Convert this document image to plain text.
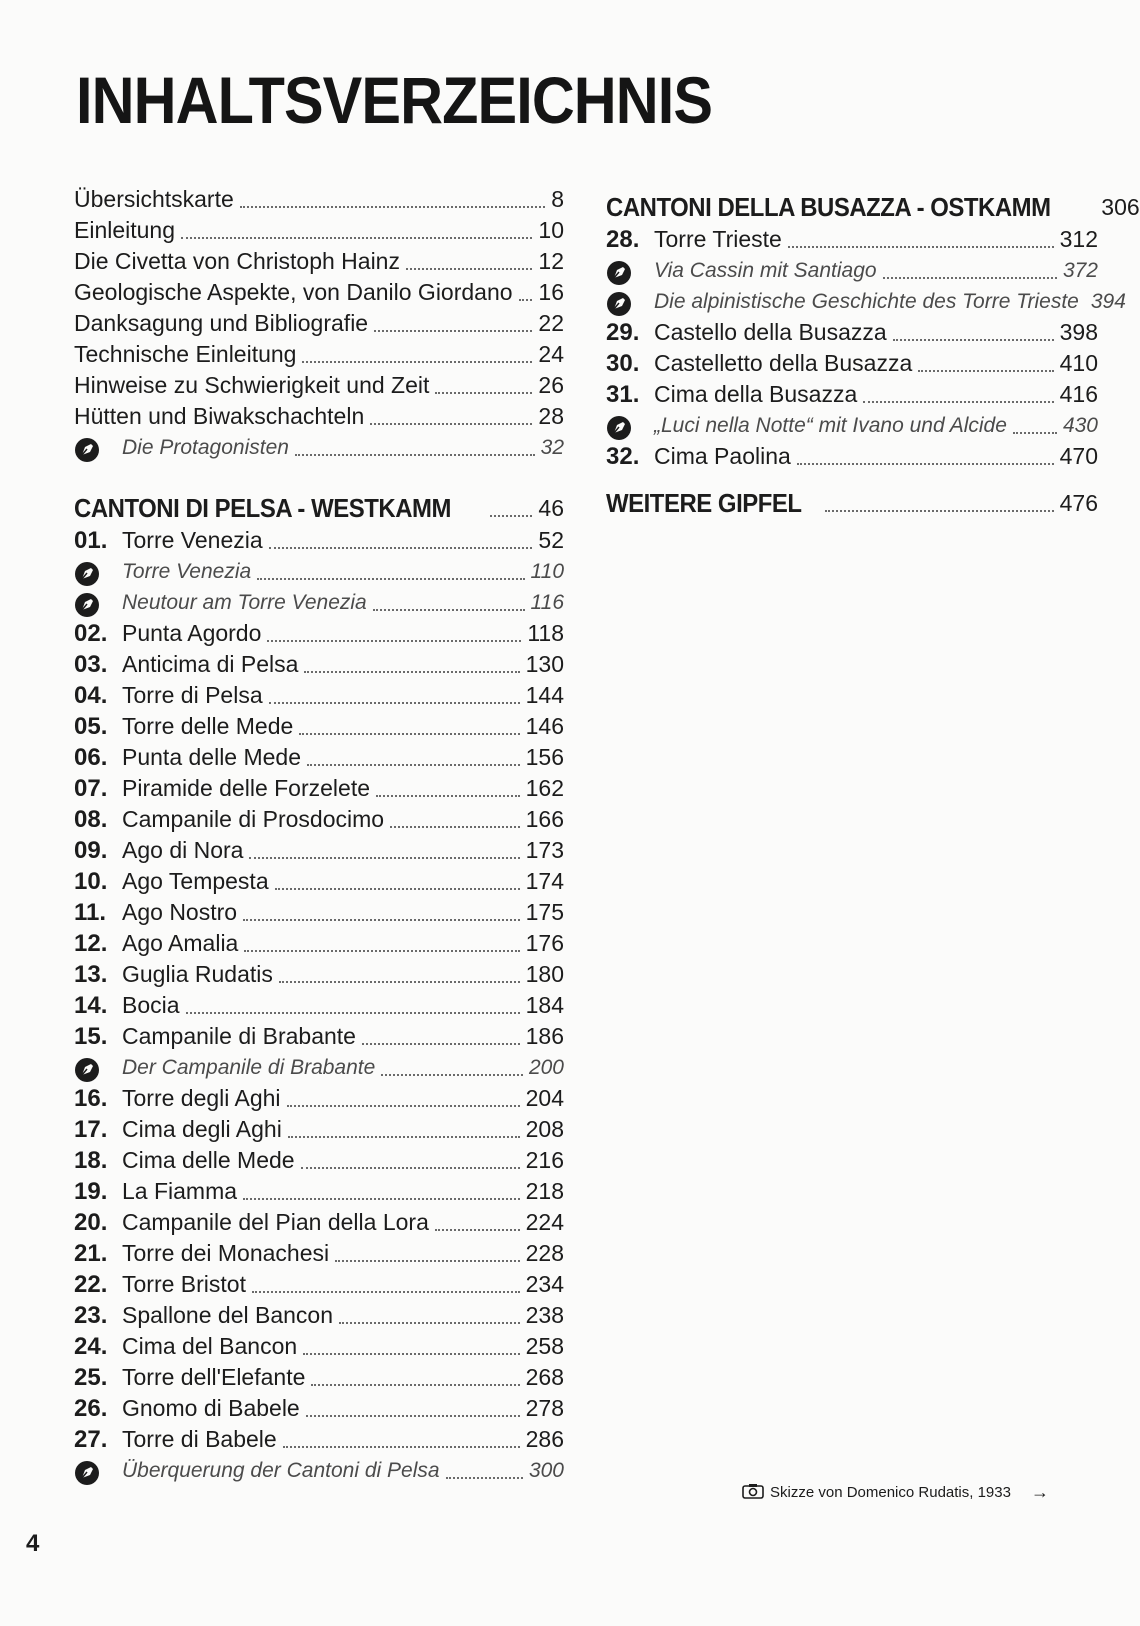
INHALTSVERZEICHNIS
Übersichtskarte	8
Einleitung	10
Die Civetta von Christoph Hainz	12
Geologische Aspekte, von Danilo Giordano 16
Danksagung und Bibliografie	22
Technische Einleitung	24
Hinweise zu Schwierigkeit und Zeit	26
Hütten und Biwakschachteln	28
Die Protagonisten	32
CANTONI DI PELSA - WESTKAMM	46
01. Torre Venezia	52
Torre Venezia	110
Neutour am Torre Venezia	116
02. Punta Agordo	118
03. Anticima di Pelsa	130
04. Torre di Pelsa	144
05. Torre delle Mede	146
06. Punta delle Mede	156
07. Piramide delle Forzelete	162
08. Campanile di Prosdocimo	166
09. Ago di Nora	173
10. Ago Tempesta	174
11. Ago Nostro	175
12. Ago Amalia	176
13. Guglia Rudatis	180
14. Bocia	184
15. Campanile di Brabante	186
Der Campanile di Brabante	200
16. Torre degli Aghi	204
17. Cima degli Aghi	208
18. Cima delle Mede	216
19. La Fiamma	218
20. Campanile del Pian della Lora	224
21. Torre dei Monachesi	228
22. Torre Bristot	234
23. Spallone del Bancon	238
24. Cima del Bancon	258
25. Torre dell'Elefante	268
26. Gnomo di Babele	278
27. Torre di Babele	286
Überquerung der Cantoni di Pelsa	300
CANTONI DELLA BUSAZZA - OSTKAMM 306
28. Torre Trieste	312
Via Cassin mit Santiago	372
Die alpinistische Geschichte des Torre Trieste 394
29. Castello della Busazza	398
30. Castelletto della Busazza	410
31. Cima della Busazza	416
„Luci nella Notte“ mit Ivano und Alcide	430
32. Cima Paolina	470
WEITERE GIPFEL	476
Skizze von Domenico Rudatis, 1933 →
4
